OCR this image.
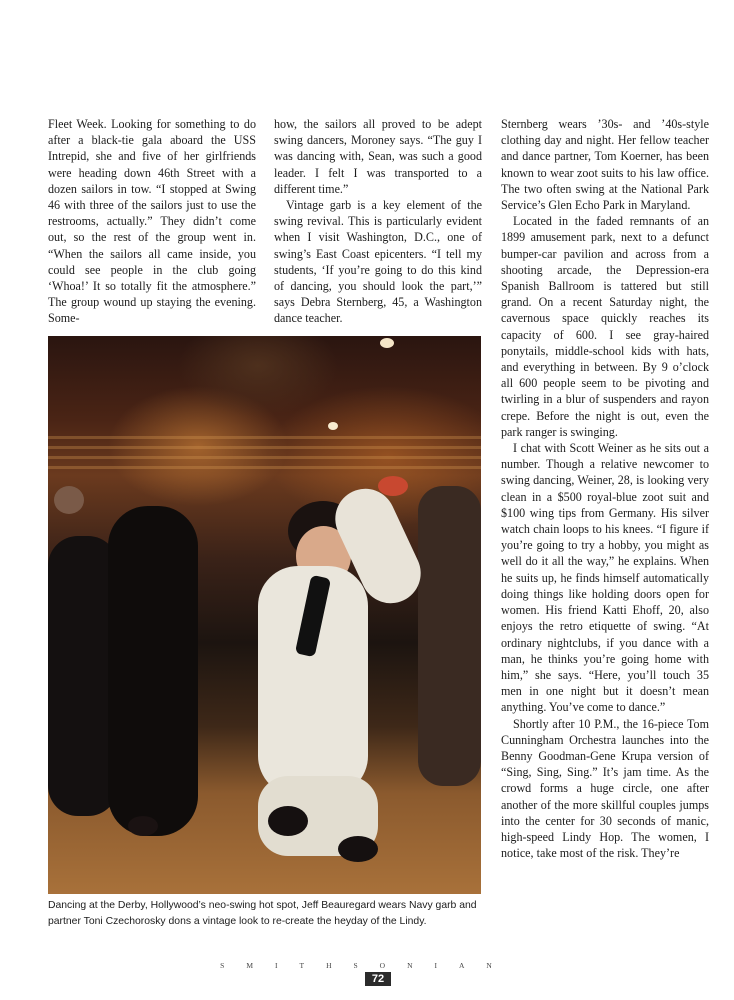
Fleet Week. Looking for something to do after a black-tie gala aboard the USS Intrepid, she and five of her girlfriends were heading down 46th Street with a dozen sailors in tow. “I stopped at Swing 46 with three of the sailors just to use the restrooms, actually.” They didn’t come out, so the rest of the group went in. “When the sailors all came inside, you could see people in the club going ‘Whoa!’ It so totally fit the atmosphere.” The group wound up staying the evening. Some-

how, the sailors all proved to be adept swing dancers, Moroney says. “The guy I was dancing with, Sean, was such a good leader. I felt I was transported to a different time.”

Vintage garb is a key element of the swing revival. This is particularly evident when I visit Washington, D.C., one of swing’s East Coast epicenters. “I tell my students, ‘If you’re going to do this kind of dancing, you should look the part,’” says Debra Sternberg, 45, a Washington dance teacher.

Sternberg wears ’30s- and ’40s-style clothing day and night. Her fellow teacher and dance partner, Tom Koerner, has been known to wear zoot suits to his law office. The two often swing at the National Park Service’s Glen Echo Park in Maryland.

Located in the faded remnants of an 1899 amusement park, next to a defunct bumper-car pavilion and across from a shooting arcade, the Depression-era Spanish Ballroom is tattered but still grand. On a recent Saturday night, the cavernous space quickly reaches its capacity of 600. I see gray-haired ponytails, middle-school kids with hats, and everything in between. By 9 o’clock all 600 people seem to be pivoting and twirling in a blur of suspenders and rayon crepe. Before the night is out, even the park ranger is swinging.

I chat with Scott Weiner as he sits out a number. Though a relative newcomer to swing dancing, Weiner, 28, is looking very clean in a $500 royal-blue zoot suit and $100 wing tips from Germany. His silver watch chain loops to his knees. “I figure if you’re going to try a hobby, you might as well do it all the way,” he explains. When he suits up, he finds himself automatically doing things like holding doors open for women. His friend Katti Ehoff, 20, also enjoys the retro etiquette of swing. “At ordinary nightclubs, if you dance with a man, he thinks you’re going home with him,” she says. “Here, you’ll touch 35 men in one night but it doesn’t mean anything. You’ve come to dance.”

Shortly after 10 P.M., the 16-piece Tom Cunningham Orchestra launches into the Benny Goodman-Gene Krupa version of “Sing, Sing, Sing.” It’s jam time. As the crowd forms a huge circle, one after another of the more skillful couples jumps into the center for 30 seconds of manic, high-speed Lindy Hop. The women, I notice, take most of the risk. They’re

Dancing at the Derby, Hollywood’s neo-swing hot spot, Jeff Beauregard wears Navy garb and partner Toni Czechorosky dons a vintage look to re-create the heyday of the Lindy.
SMITHSONIAN
72
